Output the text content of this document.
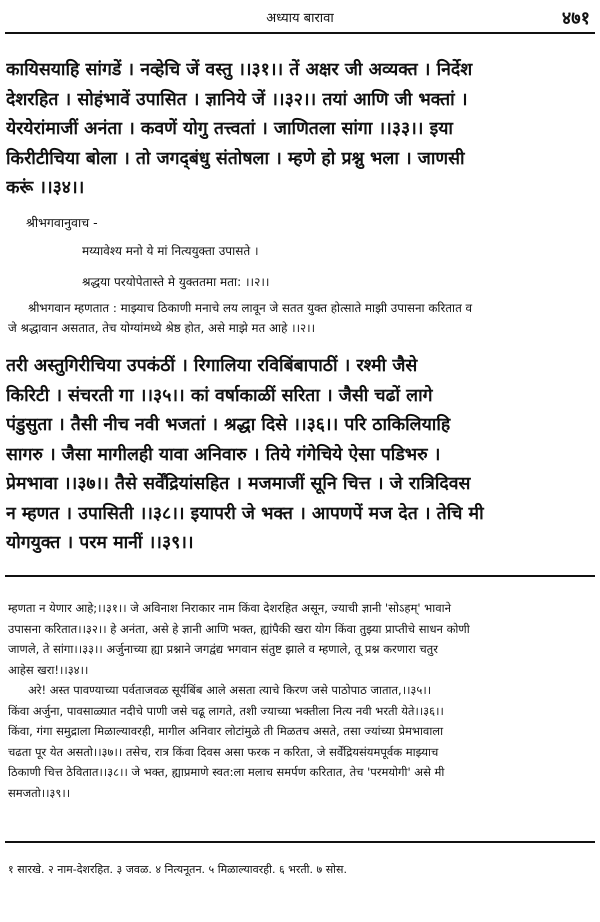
अध्याय बारावा	४७१
कायिसयाहि सांगडें । नव्हेचि जें वस्तु ।।३१।। तें अक्षर जी अव्यक्त । निर्देश
देशरहित । सोहंभावें उपासित । ज्ञानिये जें ।।३२।। तयां आणि जी भक्तां ।
येरयेरांमाजीं अनंता । कवणें योगु तत्त्वतां । जाणितला सांगा ।।३३।। इया
किरीटीचिया बोला । तो जगद्‌बंधु संतोषला । म्हणे हो प्रश्नु भला । जाणसी
करूं ।।३४।।
श्रीभगवानुवाच -
मय्यावेश्य मनो ये मां नित्ययुक्ता उपासते ।
श्रद्धया परयोपेतास्ते मे युक्ततमा मता: ।।२।।
श्रीभगवान म्हणतात : माझ्याच ठिकाणी मनाचे लय लावून जे सतत युक्त होत्साते माझी उपासना करितात व
जे श्रद्धावान असतात, तेच योग्यांमध्ये श्रेष्ठ होत, असे माझे मत आहे ।।२।।
तरी अस्तुगिरीचिया उपकंठीं । रिगालिया रविबिंबापाठीं । रश्मी जैसे
किरिटी । संचरती गा ।।३५।। कां वर्षाकाळीं सरिता । जैसी चढों लागे
पंडुसुता । तैसी नीच नवी भजतां । श्रद्धा दिसे ।।३६।। परि ठाकिलियाहि
सागरु । जैसा मागीलही यावा अनिवारु । तिये गंगेचिये ऐसा पडिभरु ।
प्रेमभावा ।।३७।। तैसे सर्वेंद्रियांसहित । मजमाजीं सूनि चित्त । जे रात्रिदिवस
न म्हणत । उपासिती ।।३८।। इयापरी जे भक्त । आपणपें मज देत । तेचि मी
योगयुक्त । परम मानीं ।।३९।।
म्हणता न येणार आहे;।।३१।। जे अविनाश निराकार नाम किंवा देशरहित असून, ज्याची ज्ञानी 'सोऽहम्' भावाने
उपासना करितात।।३२।। हे अनंता, असे हे ज्ञानी आणि भक्त, ह्यांपैकी खरा योग किंवा तुझ्या प्राप्तीचे साधन कोणी
जाणले, ते सांगा।।३३।। अर्जुनाच्या ह्या प्रश्नाने जगद्वंद्य भगवान संतुष्ट झाले व म्हणाले, तू प्रश्न करणारा चतुर
आहेस खरा!।।३४।।
अरे! अस्त पावण्याच्या पर्वताजवळ सूर्यबिंब आले असता त्याचे किरण जसे पाठोपाठ जातात,।।३५।।
किंवा अर्जुना, पावसाळ्यात नदीचे पाणी जसे चढू लागते, तशी ज्याच्या भक्तीला नित्य नवी भरती येते।।३६।।
किंवा, गंगा समुद्राला मिळाल्यावरही, मागील अनिवार लोटांमुळे ती मिळतच असते, तसा ज्यांच्या प्रेमभावाला
चढता पूर येत असतो।।३७।। तसेच, रात्र किंवा दिवस असा फरक न करिता, जे सर्वेंद्रियसंयमपूर्वक माझ्याच
ठिकाणी चित्त ठेवितात।।३८।। जे भक्त, ह्याप्रमाणे स्वत:ला मलाच समर्पण करितात, तेच 'परमयोगी' असे मी
समजतो।।३९।।
१ सारखे. २ नाम-देशरहित. ३ जवळ. ४ नित्यनूतन. ५ मिळाल्यावरही. ६ भरती. ७ सोस.
